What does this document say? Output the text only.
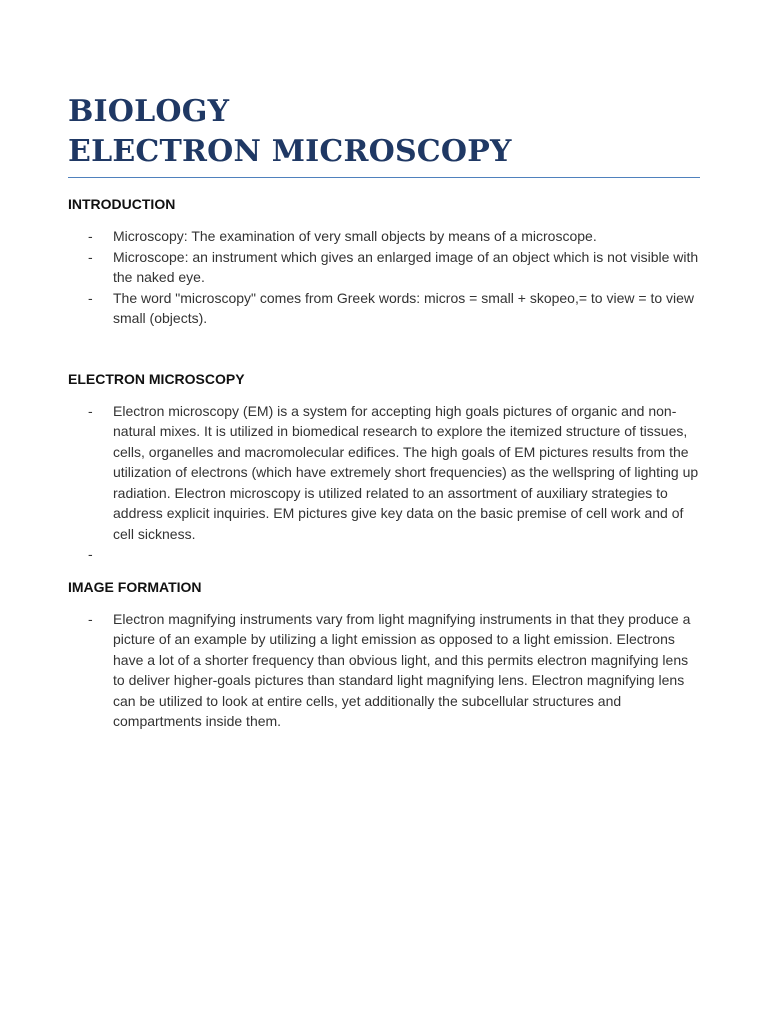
BIOLOGY
ELECTRON MICROSCOPY
INTRODUCTION
- Microscopy: The examination of very small objects by means of a microscope.
- Microscope: an instrument which gives an enlarged image of an object which is not visible with the naked eye.
- The word "microscopy" comes from Greek words: micros = small + skopeo,= to view = to view small (objects).
ELECTRON MICROSCOPY
- Electron microscopy (EM) is a system for accepting high goals pictures of organic and non-natural mixes. It is utilized in biomedical research to explore the itemized structure of tissues, cells, organelles and macromolecular edifices. The high goals of EM pictures results from the utilization of electrons (which have extremely short frequencies) as the wellspring of lighting up radiation. Electron microscopy is utilized related to an assortment of auxiliary strategies to address explicit inquiries. EM pictures give key data on the basic premise of cell work and of cell sickness.
-
IMAGE FORMATION
- Electron magnifying instruments vary from light magnifying instruments in that they produce a picture of an example by utilizing a light emission as opposed to a light emission. Electrons have a lot of a shorter frequency than obvious light, and this permits electron magnifying lens to deliver higher-goals pictures than standard light magnifying lens. Electron magnifying lens can be utilized to look at entire cells, yet additionally the subcellular structures and compartments inside them.
